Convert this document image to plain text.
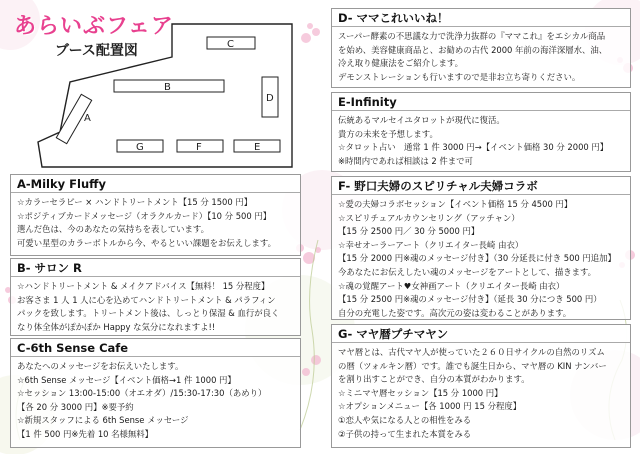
あらいぶフェア
ブース配置図	C
B
D
A
G	F	E
A-Milky Fluffy
☆カラーセラピー × ハンドトリートメント【15 分 1500 円】
☆ポジティブカードメッセージ（オラクルカード）【10 分 500 円】
選んだ色は、今のあなたの気持ちを表しています。
可愛い星型のカラーボトルから今、やるといい課題をお伝えします。
B- サロン R
☆ハンドトリートメント & メイクアドバイス【無料！ 15 分程度】
お客さま 1 人 1 人に心を込めてハンドトリートメント & パラフィン
パックを致します。トリートメント後は、しっとり保湿 & 血行が良く
なり体全体がぽかぽか Happy な気分になれますよ!!
C-6th Sense Cafe
あなたへのメッセージをお伝えいたします。
☆6th Sense メッセージ【イベント価格→1 件 1000 円】
☆セッション 13:00-15:00（オエオダ）/15:30-17:30（あめり）
【各 20 分 3000 円】※要予約
☆新規スタッフによる 6th Sense メッセージ
【1 件 500 円※先着 10 名様無料】
D- ママこれいいね！
スーパー酵素の不思議な力で洗浄力抜群の『ママこれ』をエシカル商品
を始め、美容健康商品と、お勧めの古代 2000 年前の海洋深層水、油、
冷え取り健康法をご紹介します。
デモンストレーションも行いますので是非お立ち寄りください。
E-Infinity
伝統あるマルセイユタロットが現代に復活。
貴方の未来を予想します。
☆タロット占い　通常 1 件 3000 円→【イベント価格 30 分 2000 円】
※時間内であれば相談は 2 件まで可
F- 野口夫婦のスピリチャル夫婦コラボ
☆愛の夫婦コラボセッション【イベント価格 15 分 4500 円】
☆スピリチュアルカウンセリング（アッチャン）
【15 分 2500 円／ 30 分 5000 円】
☆幸せオーラーアート（クリエイター長崎 由衣）
【15 分 2000 円※魂のメッセージ付き】（30 分延長に付き 500 円追加】
今あなたにお伝えしたい魂のメッセージをアートとして、描きます。
☆魂の覚醒アート♥女神画アート（クリエイター長崎 由衣）
【15 分 2500 円※魂のメッセージ付き】（延長 30 分につき 500 円）
自分の充電した姿です。高次元の姿は変わることがあります。
G- マヤ暦プチマヤン
マヤ暦とは、古代マヤ人が使っていた２６０日サイクルの自然のリズム
の暦（ツォルキン暦）です。誰でも誕生日から、マヤ暦の KIN ナンバー
を割り出すことができ、自分の本質がわかります。
☆ミニマヤ暦セッション【15 分 1000 円】
☆オプションメニュー【各 1000 円 15 分程度】
①恋人や気になる人との相性をみる
②子供の持って生まれた本質をみる
